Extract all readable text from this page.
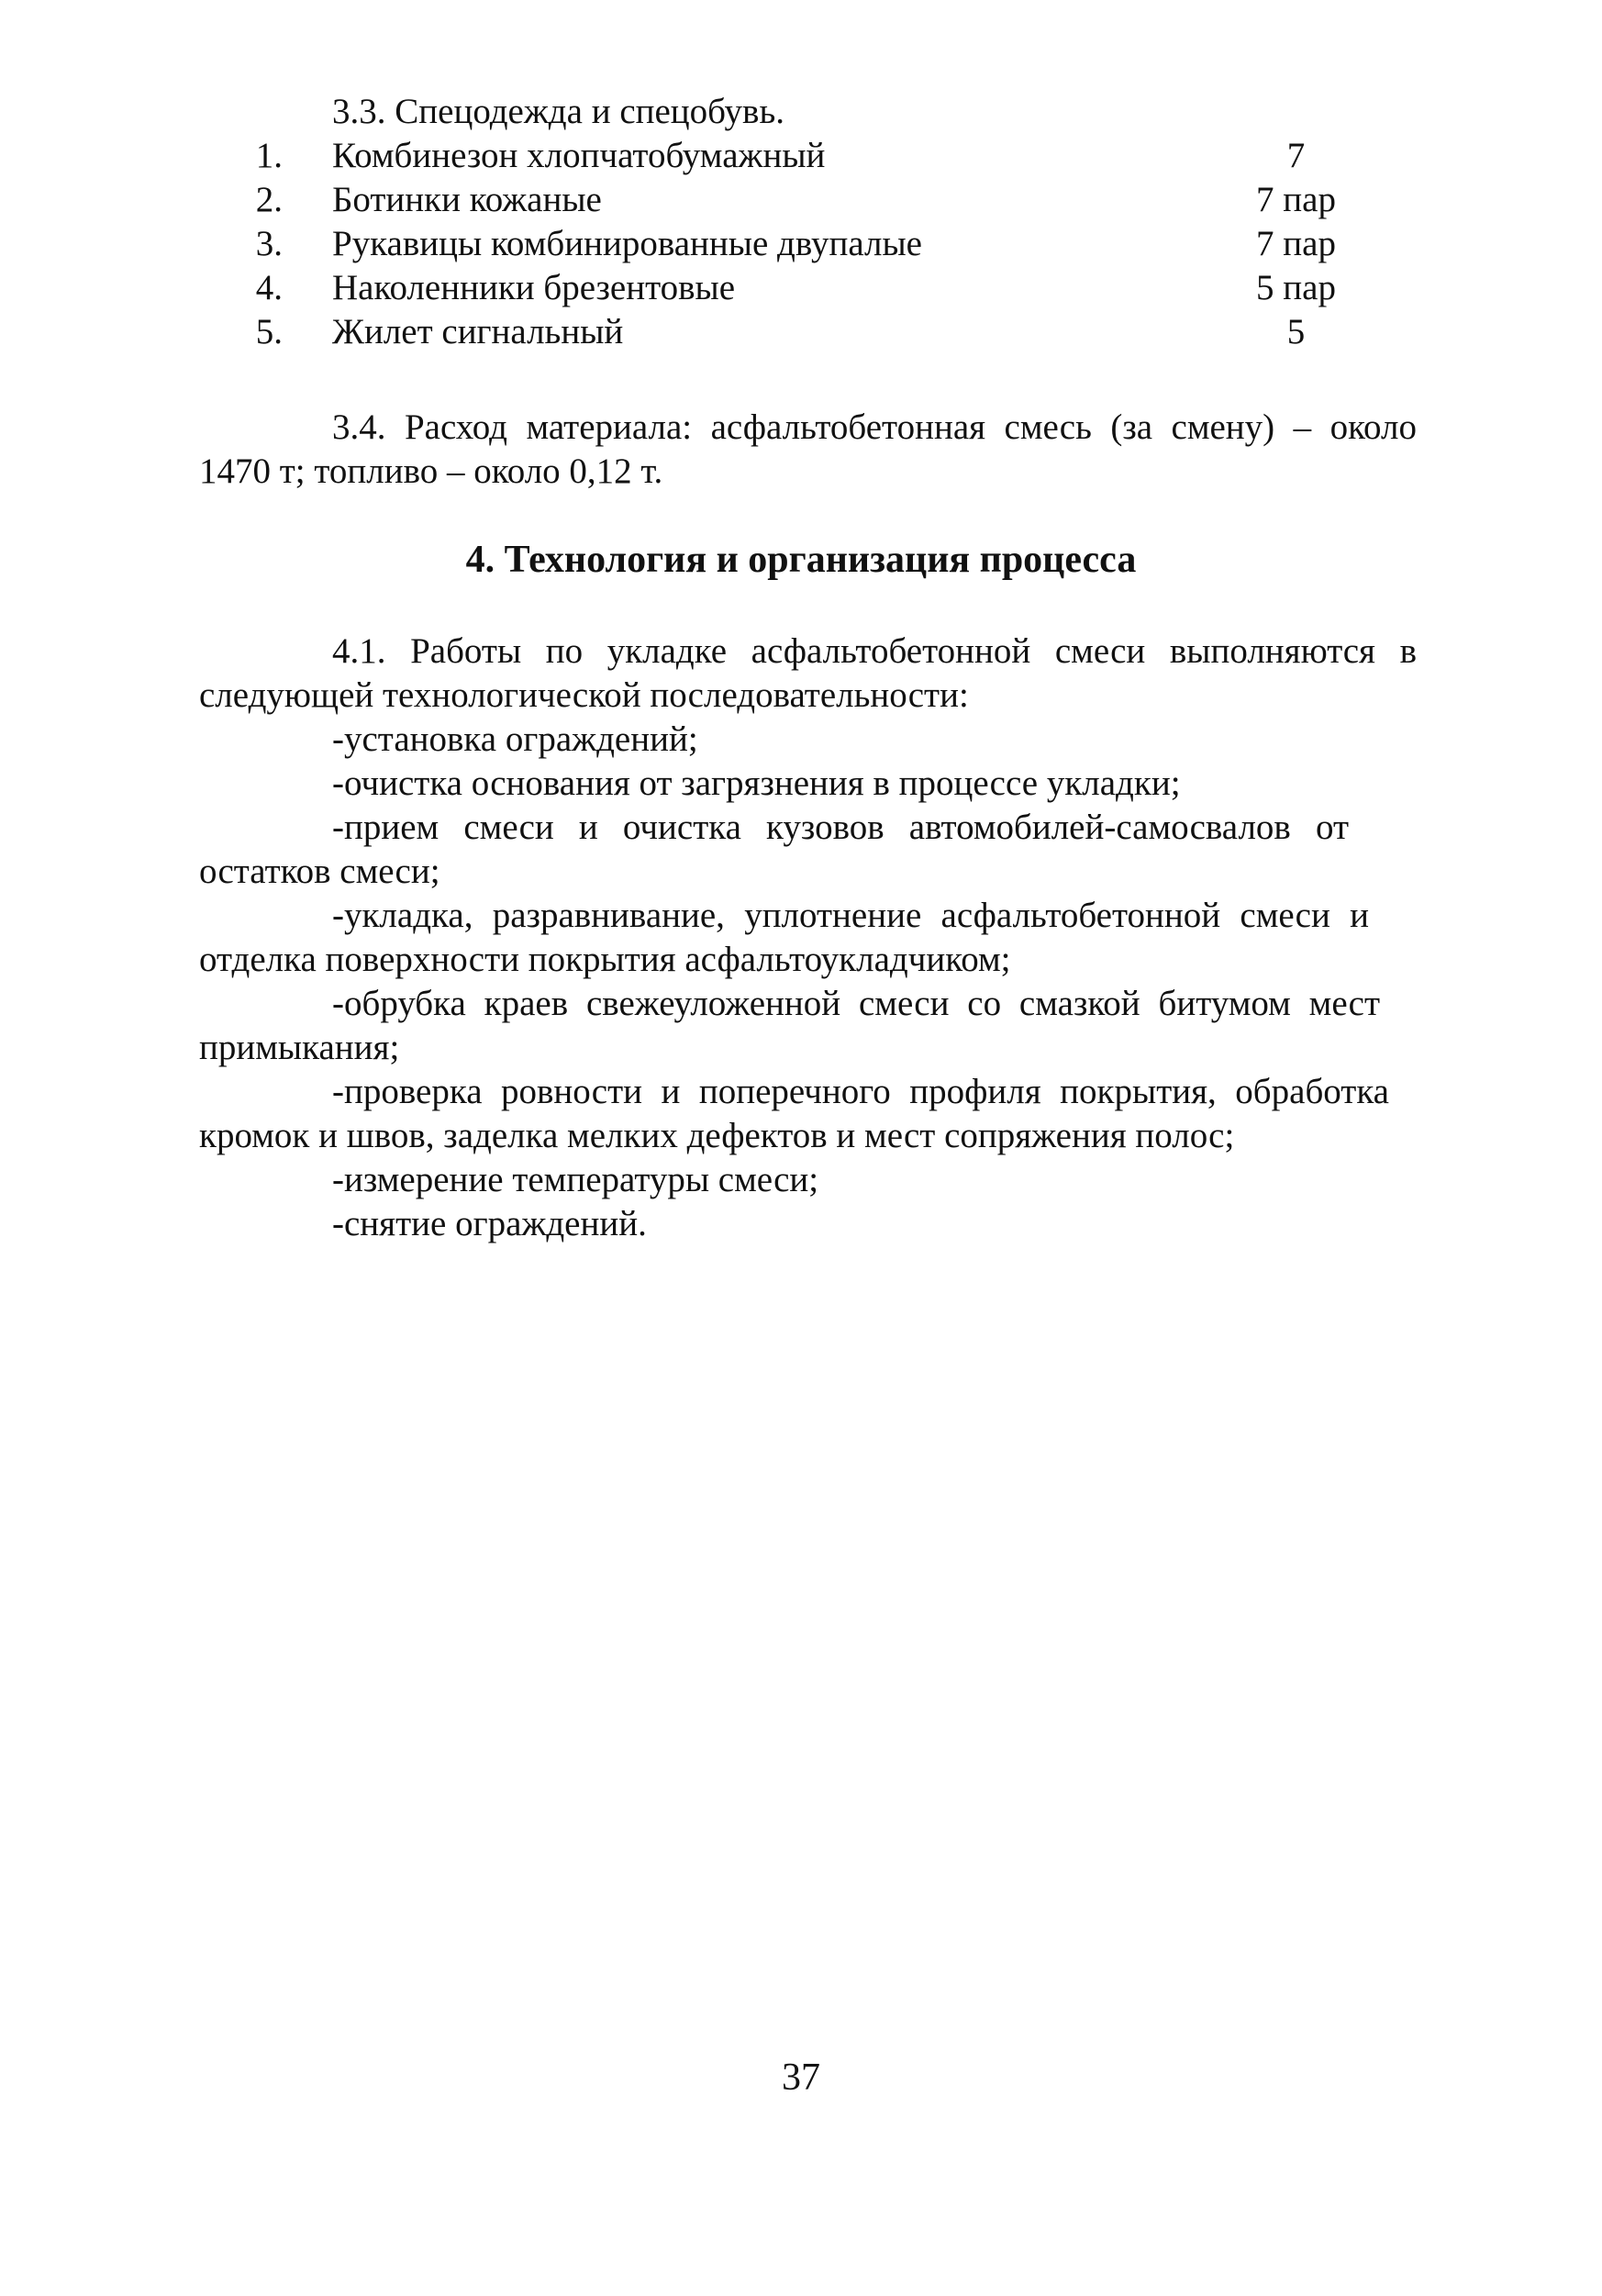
3.3. Спецодежда и спецобувь.
1. Комбинезон хлопчатобумажный	7
2. Ботинки кожаные	7 пар
3. Рукавицы комбинированные двупалые	7 пар
4. Наколенники брезентовые	5 пар
5. Жилет сигнальный	5
3.4. Расход материала: асфальтобетонная смесь (за смену) – около
1470 т; топливо – около 0,12 т.
4. Технология и организация процесса
4.1. Работы по укладке асфальтобетонной смеси выполняются в
следующей технологической последовательности:
-установка ограждений;
-очистка основания от загрязнения в процессе укладки;
-прием смеси и очистка кузовов автомобилей-самосвалов от
остатков смеси;
-укладка, разравнивание, уплотнение асфальтобетонной смеси и
отделка поверхности покрытия асфальтоукладчиком;
-обрубка краев свежеуложенной смеси со смазкой битумом мест
примыкания;
-проверка ровности и поперечного профиля покрытия, обработка
кромок и швов, заделка мелких дефектов и мест сопряжения полос;
-измерение температуры смеси;
-снятие ограждений.
37
